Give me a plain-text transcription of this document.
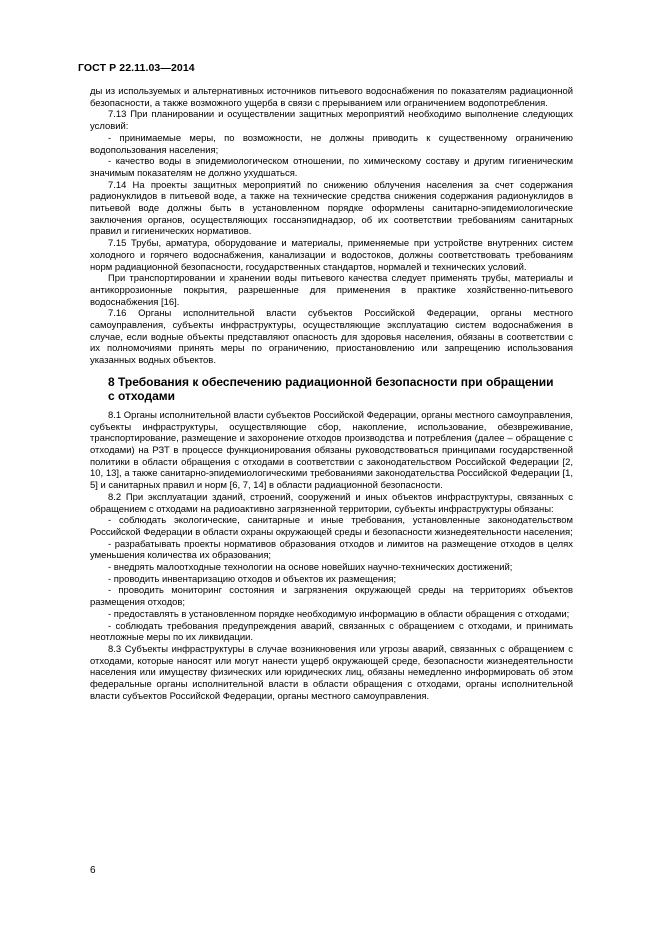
ГОСТ Р 22.11.03—2014

ды из используемых и альтернативных источников питьевого водоснабжения по показателям радиационной безопасности, а также возможного ущерба в связи с прерыванием или ограничением водопотребления.

7.13 При планировании и осуществлении защитных мероприятий необходимо выполнение следующих условий:

- принимаемые меры, по возможности, не должны приводить к существенному ограничению водопользования населения;

- качество воды в эпидемиологическом отношении, по химическому составу и другим гигиеническим значимым показателям не должно ухудшаться.

7.14 На проекты защитных мероприятий по снижению облучения населения за счет содержания радионуклидов в питьевой воде, а также на технические средства снижения содержания радионуклидов в питьевой воде должны быть в установленном порядке оформлены санитарно-эпидемиологические заключения органов, осуществляющих госсанэпиднадзор, об их соответствии требованиям санитарных правил и гигиенических нормативов.

7.15 Трубы, арматура, оборудование и материалы, применяемые при устройстве внутренних систем холодного и горячего водоснабжения, канализации и водостоков, должны соответствовать требованиям норм радиационной безопасности, государственных стандартов, нормалей и технических условий.

При транспортировании и хранении воды питьевого качества следует применять трубы, материалы и антикоррозионные покрытия, разрешенные для применения в практике хозяйственно-питьевого водоснабжения [16].

7.16 Органы исполнительной власти субъектов Российской Федерации, органы местного самоуправления, субъекты инфраструктуры, осуществляющие эксплуатацию систем водоснабжения в случае, если водные объекты представляют опасность для здоровья населения, обязаны в соответствии с их полномочиями принять меры по ограничению, приостановлению или запрещению использования указанных водных объектов.

8 Требования к обеспечению радиационной безопасности при обращении
с отходами

8.1 Органы исполнительной власти субъектов Российской Федерации, органы местного самоуправления, субъекты инфраструктуры, осуществляющие сбор, накопление, использование, обезвреживание, транспортирование, размещение и захоронение отходов производства и потребления (далее – обращение с отходами) на РЗТ в процессе функционирования обязаны руководствоваться принципами государственной политики в области обращения с отходами в соответствии с законодательством Российской Федерации [2, 10, 13], а также санитарно-эпидемиологическими требованиями законодательства Российской Федерации [1, 5] и санитарных правил и норм [6, 7, 14] в области радиационной безопасности.

8.2 При эксплуатации зданий, строений, сооружений и иных объектов инфраструктуры, связанных с обращением с отходами на радиоактивно загрязненной территории, субъекты инфраструктуры обязаны:

- соблюдать экологические, санитарные и иные требования, установленные законодательством Российской Федерации в области охраны окружающей среды и безопасности жизнедеятельности населения;

- разрабатывать проекты нормативов образования отходов и лимитов на размещение отходов в целях уменьшения количества их образования;

- внедрять малоотходные технологии на основе новейших научно-технических достижений;

- проводить инвентаризацию отходов и объектов их размещения;

- проводить мониторинг состояния и загрязнения окружающей среды на территориях объектов размещения отходов;

- предоставлять в установленном порядке необходимую информацию в области обращения с отходами;

- соблюдать требования предупреждения аварий, связанных с обращением с отходами, и принимать неотложные меры по их ликвидации.

8.3 Субъекты инфраструктуры в случае возникновения или угрозы аварий, связанных с обращением с отходами, которые наносят или могут нанести ущерб окружающей среде, безопасности жизнедеятельности населения или имуществу физических или юридических лиц, обязаны немедленно информировать об этом федеральные органы исполнительной власти в области обращения с отходами, органы исполнительной власти субъектов Российской Федерации, органы местного самоуправления.

6
